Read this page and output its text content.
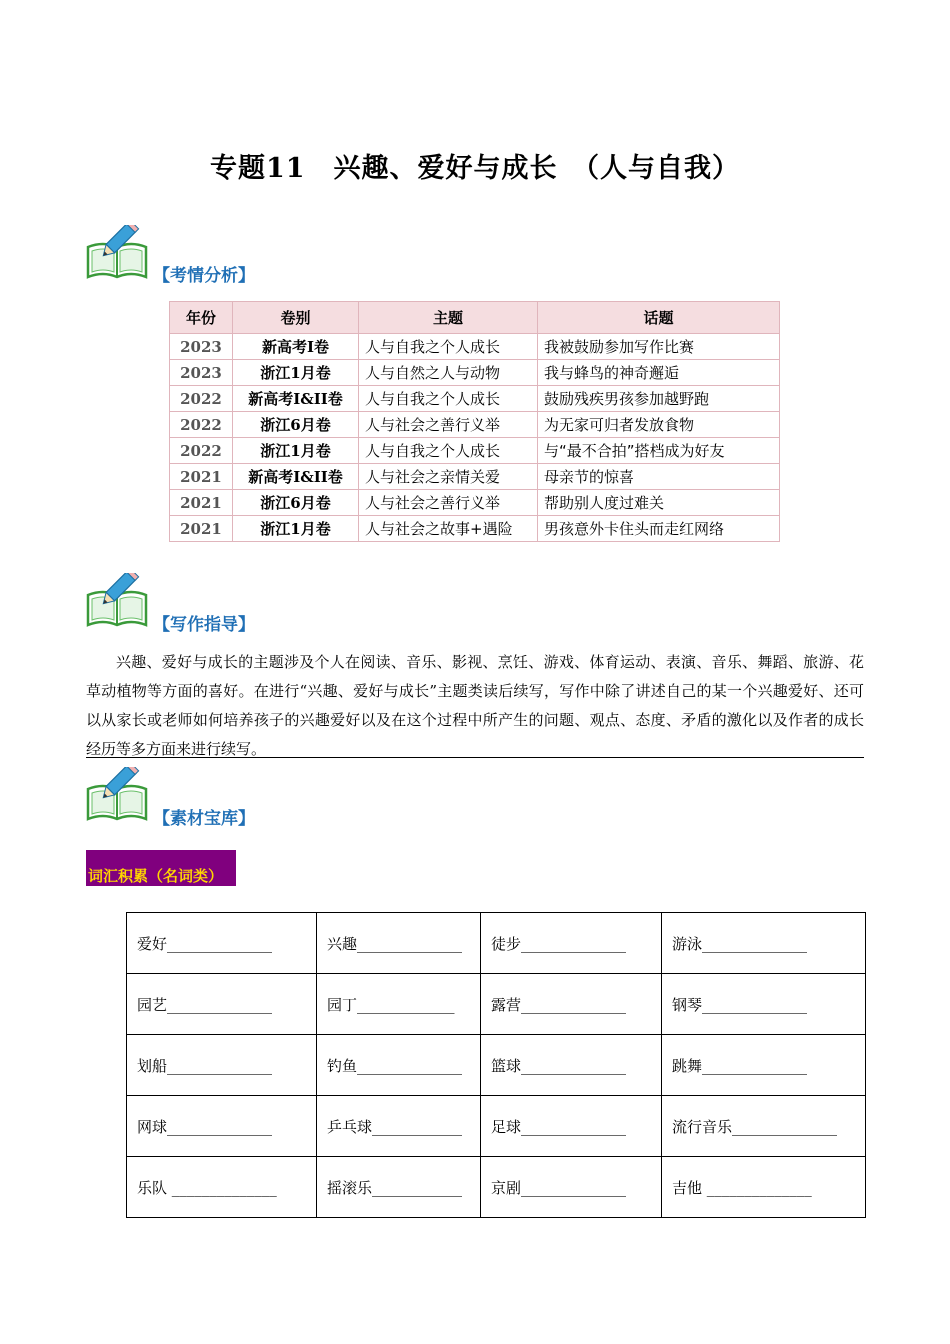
专题11　兴趣、爱好与成长　（人与自我）
【考情分析】
年份	卷别	主题	话题
2023	新高考I卷	人与自我之个人成长	我被鼓励参加写作比赛
2023	浙江1月卷	人与自然之人与动物	我与蜂鸟的神奇邂逅
2022	新高考I&II卷	人与自我之个人成长	鼓励残疾男孩参加越野跑
2022	浙江6月卷	人与社会之善行义举	为无家可归者发放食物
2022	浙江1月卷	人与自我之个人成长	与“最不合拍”搭档成为好友
2021	新高考I&II卷	人与社会之亲情关爱	母亲节的惊喜
2021	浙江6月卷	人与社会之善行义举	帮助别人度过难关
2021	浙江1月卷	人与社会之故事+遇险	男孩意外卡住头而走红网络
【写作指导】
兴趣、爱好与成长的主题涉及个人在阅读、音乐、影视、烹饪、游戏、体育运动、表演、音乐、舞蹈、旅游、花草动植物等方面的喜好。在进行“兴趣、爱好与成长”主题类读后续写，写作中除了讲述自己的某一个兴趣爱好、还可以从家长或老师如何培养孩子的兴趣爱好以及在这个过程中所产生的问题、观点、态度、矛盾的激化以及作者的成长经历等多方面来进行续写。
【素材宝库】
词汇积累（名词类）
爱好______________	兴趣______________	徒步______________	游泳______________
园艺______________	园丁_____________	露营______________	钢琴______________
划船______________	钓鱼______________	篮球______________	跳舞______________
网球______________	乒乓球____________	足球______________	流行音乐______________
乐队 ______________	摇滚乐____________	京剧______________	吉他 ______________
